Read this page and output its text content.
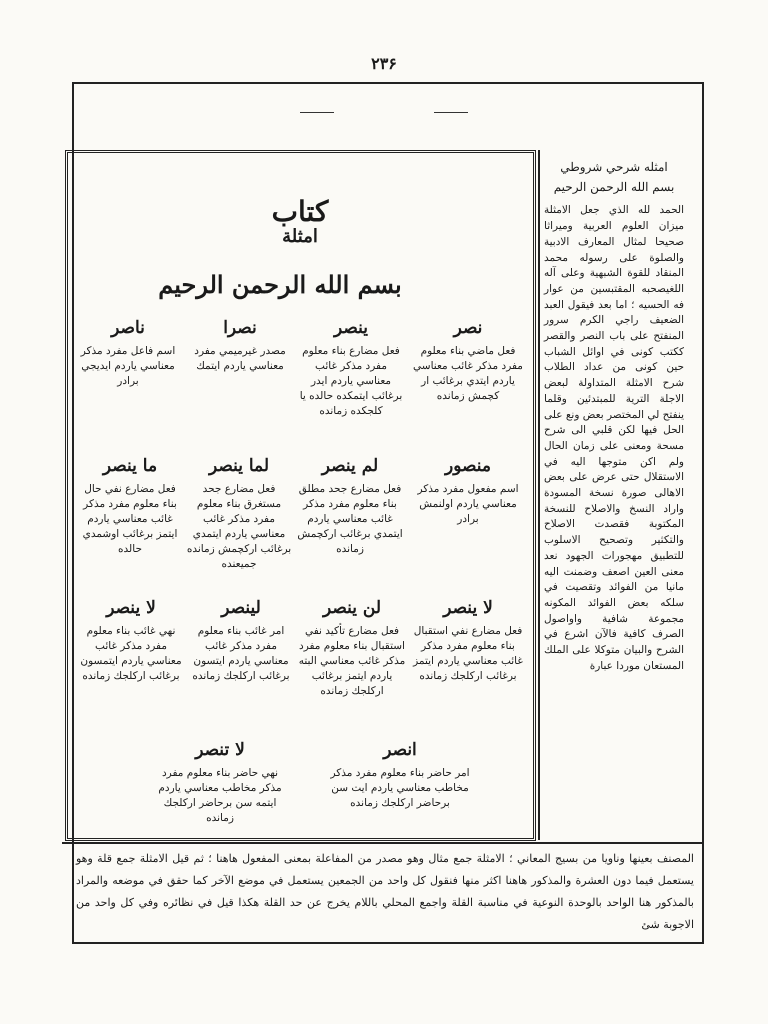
۲۳۶
كتاب
امثلة
بسم الله الرحمن الرحيم
ناصر
اسم فاعل مفرد مذكر معناسي ياردم ايديجي برادر
نصرا
مصدر غيرميمي مفرد معناسي ياردم ايتمك
ينصر
فعل مضارع بناء معلوم مفرد مذكر غائب معناسي ياردم ايدر برغائب ايتمكده حالده يا كلجكده زمانده
نصر
فعل ماضي بناء معلوم مفرد مذكر غائب معناسي ياردم ايتدي برغائب ار كچمش زمانده
ما ينصر
فعل مضارع نفي حال بناء معلوم مفرد مذكر غائب معناسي ياردم ايتمز برغائب اوشمدي حالده
لما ينصر
فعل مضارع جحد مستغرق بناء معلوم مفرد مذكر غائب معناسي ياردم ايتمدي برغائب اركچمش زمانده جميعنده
لم ينصر
فعل مضارع جحد مطلق بناء معلوم مفرد مذكر غائب معناسي ياردم ايتمدي برغائب اركچمش زمانده
منصور
اسم مفعول مفرد مذكر معناسي ياردم اولنمش برادر
لا ينصر
نهي غائب بناء معلوم مفرد مذكر غائب معناسي ياردم ايتمسون برغائب اركلجك زمانده
لينصر
امر غائب بناء معلوم مفرد مذكر غائب معناسي ياردم ايتسون برغائب اركلجك زمانده
لن ينصر
فعل مضارع تأكيد نفي استقبال بناء معلوم مفرد مذكر غائب معناسي البته ياردم ايتمز برغائب اركلجك زمانده
لا ينصر
فعل مضارع نفي استقبال بناء معلوم مفرد مذكر غائب معناسي ياردم ايتمز برغائب اركلجك زمانده
لا تنصر
نهي حاضر بناء معلوم مفرد مذكر مخاطب معناسي ياردم ايتمه سن برحاضر اركلجك زمانده
انصر
امر حاضر بناء معلوم مفرد مذكر مخاطب معناسي ياردم ايت سن برحاضر اركلجك زمانده
امثله شرحي شروطي
بسم الله الرحمن الرحيم
الحمد لله الذي جعل الامثلة ميزان العلوم العربية وميراثا صحيحا لمثال المعارف الادبية والصلوة على رسوله محمد المنقاد للقوة الشبهية وعلى آله اللغيصحبه المقتبسين من عوار فه الحسيه ؛ اما بعد فيقول العبد الضعيف راجي الكرم سرور المنفتح على باب النصر والقصر ككتب كونى في اوائل الشباب حين كونى من عداد الطلاب شرح الامثلة المتداولة لبعض الاجلة الترية للمبتدئين وقلما ينفتح لي المختصر بعض ونع على الحل فيها لكن قلبي الى شرح مسحة ومعنى على زمان الحال ولم اكن متوجها اليه في الاستقلال حتى عرض على بعض الاهالى صورة نسخة المسودة واراد النسخ والاصلاح للنسخة المكتوبة فقصدت الاصلاح والتكثير وتصحيح الاسلوب للتطبيق مهجورات الجهود نعد معنى العين اصعف وضمنت اليه مانيا من الفوائد وتقصيت في سلكه بعض الفوائد المكونه مجموعة شافية واواصول الصرف كافية فالآن اشرع في الشرح والبيان متوكلا على الملك المستعان موردا عبارة
المصنف بعينها وناويا من بسيج المعاني ؛ الامثلة جمع مثال وهو مصدر من المفاعلة بمعنى المفعول هاهنا ؛ ثم قيل الامثلة جمع قلة وهو يستعمل فيما دون العشرة والمذكور هاهنا اكثر منها فنقول كل واحد من الجمعين يستعمل في موضع الآخر كما حقق في موضعه والمراد بالمذكور هنا الواحد بالوحدة النوعية في مناسبة القلة واجمع المحلي باللام يخرج عن حد القلة هكذا قيل في نظائره وفي كل واحد من الاجوبة شئ
